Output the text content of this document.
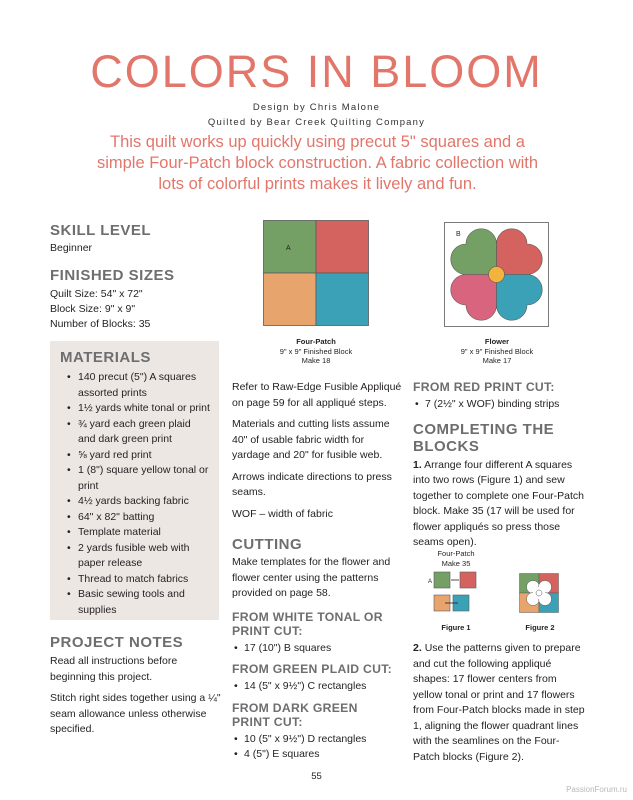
COLORS IN BLOOM
Design by Chris Malone
Quilted by Bear Creek Quilting Company
This quilt works up quickly using precut 5" squares and a simple Four-Patch block construction. A fabric collection with lots of colorful prints makes it lively and fun.
SKILL LEVEL
Beginner
FINISHED SIZES
Quilt Size: 54" x 72"
Block Size: 9" x 9"
Number of Blocks: 35
MATERIALS
• 140 precut (5") A squares assorted prints
• 1½ yards white tonal or print
• ¾ yard each green plaid and dark green print
• ⅝ yard red print
• 1 (8") square yellow tonal or print
• 4½ yards backing fabric
• 64" x 82" batting
• Template material
• 2 yards fusible web with paper release
• Thread to match fabrics
• Basic sewing tools and supplies
PROJECT NOTES

Read all instructions before beginning this project.

Stitch right sides together using a ¼" seam allowance unless otherwise specified.

A
Four-Patch
9" x 9" Finished Block
Make 18
B
Flower
9" x 9" Finished Block
Make 17

Refer to Raw-Edge Fusible Appliqué on page 59 for all appliqué steps.

Materials and cutting lists assume 40" of usable fabric width for yardage and 20" for fusible web.

Arrows indicate directions to press seams.

WOF – width of fabric

CUTTING

Make templates for the flower and flower center using the patterns provided on page 58.

FROM WHITE TONAL OR PRINT CUT:
• 17 (10") B squares
FROM GREEN PLAID CUT:
• 14 (5" x 9½") C rectangles
FROM DARK GREEN PRINT CUT:
• 10 (5" x 9½") D rectangles
• 4 (5") E squares
FROM RED PRINT CUT:
• 7 (2½" x WOF) binding strips
COMPLETING THE BLOCKS

1. Arrange four different A squares into two rows (Figure 1) and sew together to complete one Four-Patch block. Make 35 (17 will be used for flower appliqués so press those seams open).

Four-Patch
Make 35
A
Figure 1	Figure 2

2. Use the patterns given to prepare and cut the following appliqué shapes: 17 flower centers from yellow tonal or print and 17 flowers from Four-Patch blocks made in step 1, aligning the flower quadrant lines with the seamlines on the Four-Patch blocks (Figure 2).

55
PassionForum.ru
